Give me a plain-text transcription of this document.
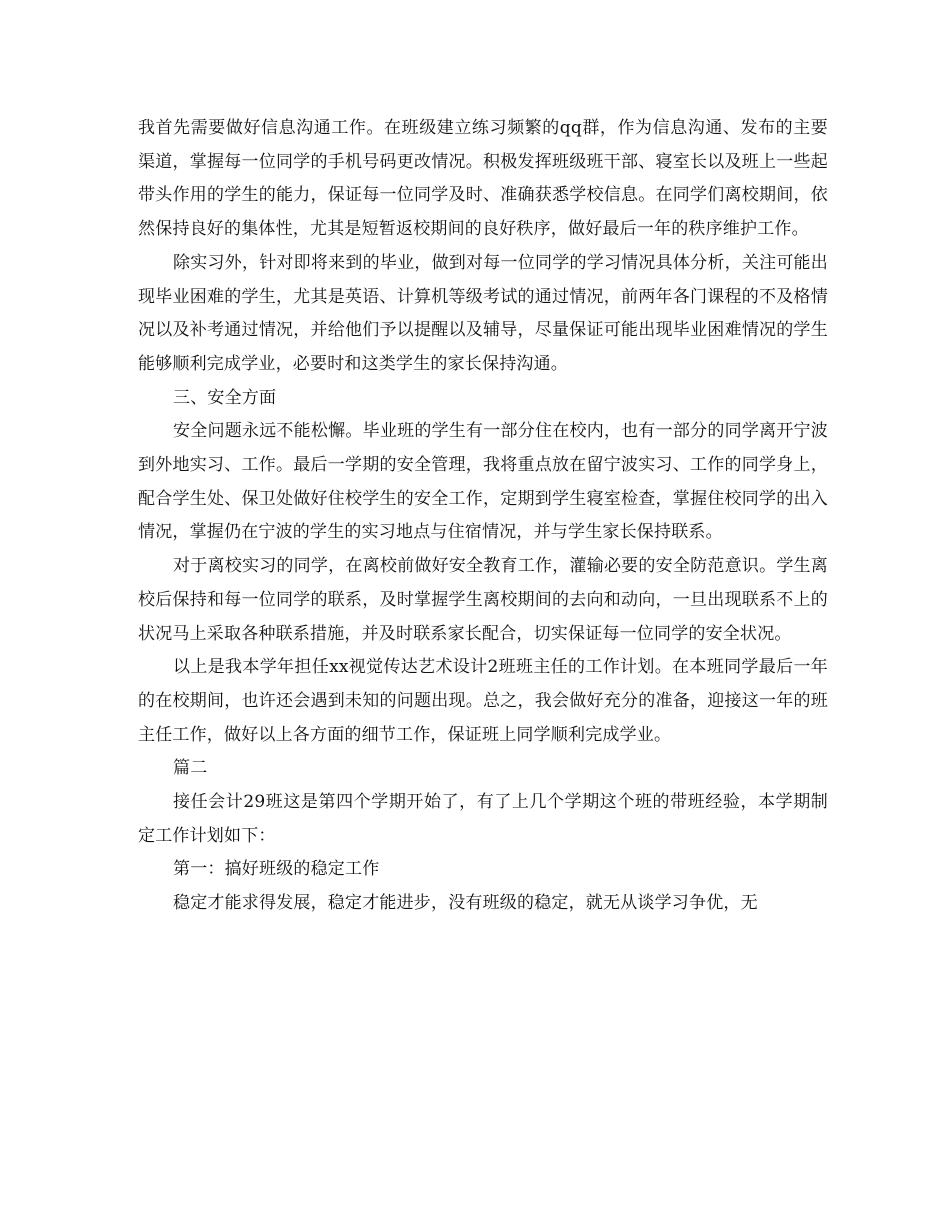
我首先需要做好信息沟通工作。在班级建立练习频繁的qq群，作为信息沟通、发布的主要渠道，掌握每一位同学的手机号码更改情况。积极发挥班级班干部、寝室长以及班上一些起带头作用的学生的能力，保证每一位同学及时、准确获悉学校信息。在同学们离校期间，依然保持良好的集体性，尤其是短暂返校期间的良好秩序，做好最后一年的秩序维护工作。

除实习外，针对即将来到的毕业，做到对每一位同学的学习情况具体分析，关注可能出现毕业困难的学生，尤其是英语、计算机等级考试的通过情况，前两年各门课程的不及格情况以及补考通过情况，并给他们予以提醒以及辅导，尽量保证可能出现毕业困难情况的学生能够顺利完成学业，必要时和这类学生的家长保持沟通。

三、安全方面

安全问题永远不能松懈。毕业班的学生有一部分住在校内，也有一部分的同学离开宁波到外地实习、工作。最后一学期的安全管理，我将重点放在留宁波实习、工作的同学身上，配合学生处、保卫处做好住校学生的安全工作，定期到学生寝室检查，掌握住校同学的出入情况，掌握仍在宁波的学生的实习地点与住宿情况，并与学生家长保持联系。

对于离校实习的同学，在离校前做好安全教育工作，灌输必要的安全防范意识。学生离校后保持和每一位同学的联系，及时掌握学生离校期间的去向和动向，一旦出现联系不上的状况马上采取各种联系措施，并及时联系家长配合，切实保证每一位同学的安全状况。

以上是我本学年担任xx视觉传达艺术设计2班班主任的工作计划。在本班同学最后一年的在校期间，也许还会遇到未知的问题出现。总之，我会做好充分的准备，迎接这一年的班主任工作，做好以上各方面的细节工作，保证班上同学顺利完成学业。

篇二

接任会计29班这是第四个学期开始了，有了上几个学期这个班的带班经验，本学期制定工作计划如下：

第一：搞好班级的稳定工作

稳定才能求得发展，稳定才能进步，没有班级的稳定，就无从谈学习争优，无
